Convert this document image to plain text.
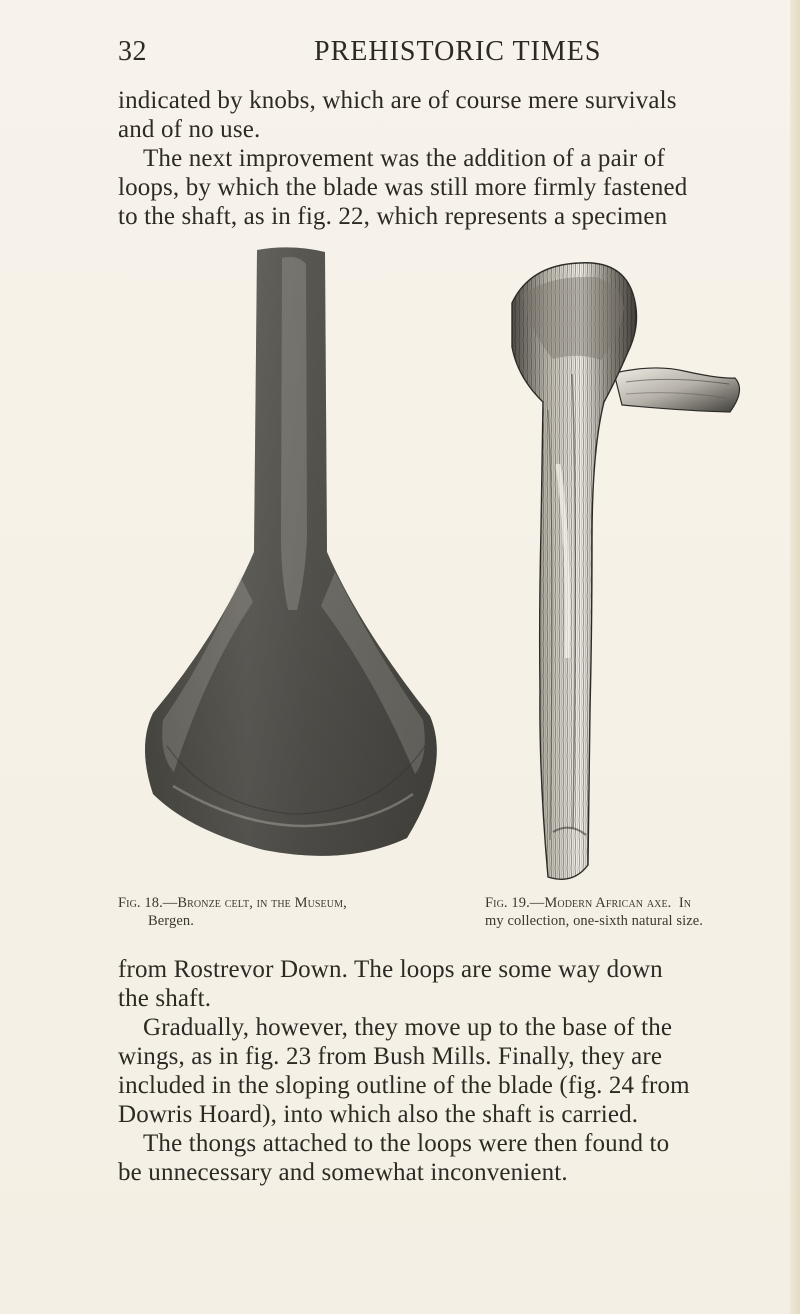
32	PREHISTORIC TIMES
indicated by knobs, which are of course mere survivals
and of no use.
The next improvement was the addition of a pair of
loops, by which the blade was still more firmly fastened
to the shaft, as in fig. 22, which represents a specimen
Fig. 18.—Bronze celt, in the Museum,
Bergen.
Fig. 19.—Modern African axe.  In
my collection, one-sixth natural size.
from Rostrevor Down. The loops are some way down
the shaft.
Gradually, however, they move up to the base of the
wings, as in fig. 23 from Bush Mills. Finally, they are
included in the sloping outline of the blade (fig. 24 from
Dowris Hoard), into which also the shaft is carried.
The thongs attached to the loops were then found to
be unnecessary and somewhat inconvenient.
